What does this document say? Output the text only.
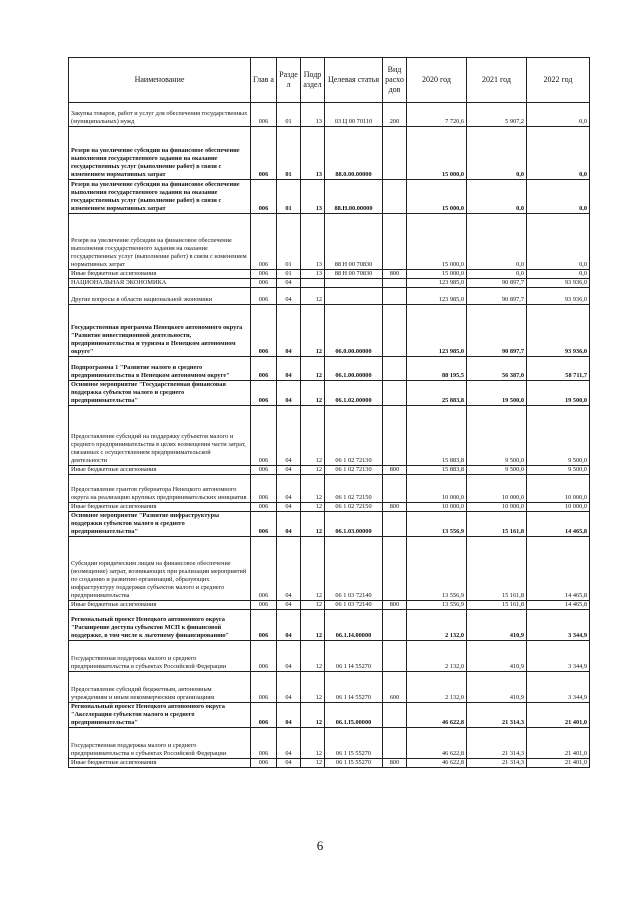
Наименование	Глав а	Разде л	Подр аздел	Целевая статья	Вид расхо дов	2020 год	2021 год	2022 год
Закупка товаров, работ и услуг для обеспечения государственных (муниципальных) нужд	006	01	13	03 Ц 00 70110	200	7 720,6	5 907,2	0,0
Резерв на увеличение субсидии на финансовое обеспечение выполнения государственного задания на оказание государственных услуг (выполнение работ) в связи с изменением нормативных затрат	006	01	13	88.0.00.00000		15 000,0	0,0	0,0
Резерв на увеличение субсидии на финансовое обеспечение выполнения государственного задания на оказание государственных услуг (выполнение работ) в связи с изменением нормативных затрат	006	01	13	88.Н.00.00000		15 000,0	0,0	0,0
Резерв на увеличение субсидии на финансовое обеспечение выполнения государственного задания на оказание государственных услуг (выполнение работ) в связи с изменением нормативных затрат	006	01	13	88 Н 00 70830		15 000,0	0,0	0,0
Иные бюджетные ассигнования	006	01	13	88 Н 00 70830	800	15 000,0	0,0	0,0
НАЦИОНАЛЬНАЯ ЭКОНОМИКА	006	04				123 985,0	90 897,7	93 936,0
Другие вопросы в области национальной экономики	006	04	12			123 985,0	90 897,7	93 936,0
Государственная программа Ненецкого автономного округа "Развитие инвестиционной деятельности, предпринимательства и туризма в Ненецком автономном округе"	006	04	12	06.0.00.00000		123 985,0	90 897,7	93 936,0
Подпрограмма 1 "Развитие малого и среднего предпринимательства в Ненецком автономном округе"	006	04	12	06.1.00.00000		88 195,5	56 387,0	58 711,7
Основное мероприятие "Государственная финансовая поддержка субъектов малого и среднего предпринимательства"	006	04	12	06.1.02.00000		25 883,8	19 500,0	19 500,0
Предоставление субсидий на поддержку субъектов малого и среднего предпринимательства в целях возмещения части затрат, связанных с осуществлением предпринимательской деятельности	006	04	12	06 1 02 72130		15 883,8	9 500,0	9 500,0
Иные бюджетные ассигнования	006	04	12	06 1 02 72130	800	15 883,8	9 500,0	9 500,0
Предоставление грантов губернатора Ненецкого автономного округа на реализацию крупных предпринимательских инициатив	006	04	12	06 1 02 72150		10 000,0	10 000,0	10 000,0
Иные бюджетные ассигнования	006	04	12	06 1 02 72150	800	10 000,0	10 000,0	10 000,0
Основное мероприятие "Развитие инфраструктуры поддержки субъектов малого и среднего предпринимательства"	006	04	12	06.1.03.00000		13 556,9	15 161,8	14 465,8
Субсидии юридическим лицам на финансовое обеспечение (возмещение) затрат, возникающих при реализации мероприятий по созданию и развитию организаций, образующих инфраструктуру поддержки субъектов малого и среднего предпринимательства	006	04	12	06 1 03 72140		13 556,9	15 161,8	14 465,8
Иные бюджетные ассигнования	006	04	12	06 1 03 72140	800	13 556,9	15 161,8	14 465,8
Региональный проект Ненецкого автономного округа "Расширение доступа субъектов МСП к финансовой поддержке, в том числе к льготному финансированию"	006	04	12	06.1.I4.00000		2 132,0	410,9	3 344,9
Государственная поддержка малого и среднего предпринимательства в субъектах Российской Федерации	006	04	12	06 1 I4 55270		2 132,0	410,9	3 344,9
Предоставление субсидий бюджетным, автономным учреждениям и иным некоммерческим организациям	006	04	12	06 1 I4 55270	600	2 132,0	410,9	3 344,9
Региональный проект Ненецкого автономного округа "Акселерация субъектов малого и среднего предпринимательства"	006	04	12	06.1.I5.00000		46 622,8	21 314,3	21 401,0
Государственная поддержка малого и среднего предпринимательства в субъектах Российской Федерации	006	04	12	06 1 I5 55270		46 622,8	21 314,3	21 401,0
Иные бюджетные ассигнования	006	04	12	06 1 I5 55270	800	46 622,8	21 314,3	21 401,0
6
